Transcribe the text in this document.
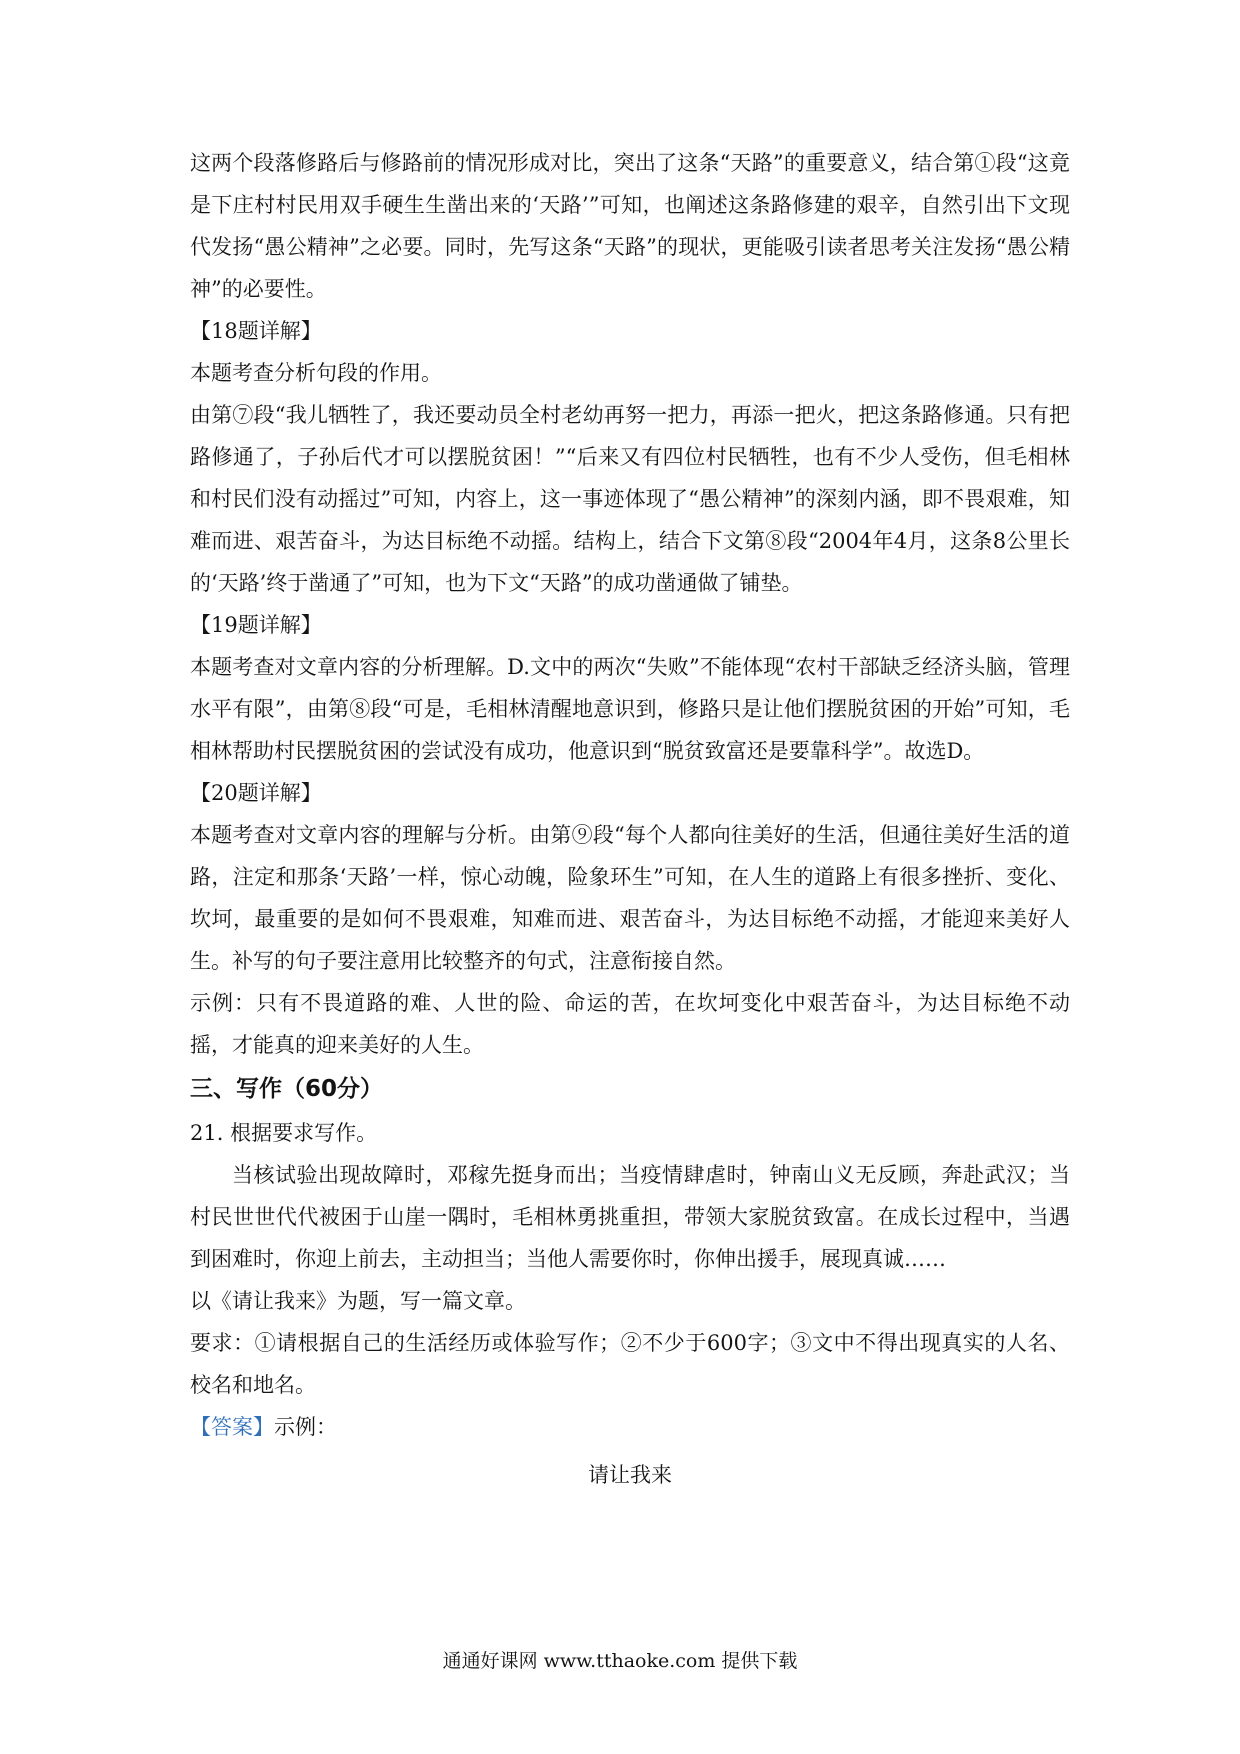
这两个段落修路后与修路前的情况形成对比，突出了这条“天路”的重要意义，结合第①段“这竟是下庄村村民用双手硬生生凿出来的‘天路’”可知，也阐述这条路修建的艰辛，自然引出下文现代发扬“愚公精神”之必要。同时，先写这条“天路”的现状，更能吸引读者思考关注发扬“愚公精神”的必要性。

【18题详解】

本题考查分析句段的作用。

由第⑦段“我儿牺牲了，我还要动员全村老幼再努一把力，再添一把火，把这条路修通。只有把路修通了，子孙后代才可以摆脱贫困！”“后来又有四位村民牺牲，也有不少人受伤，但毛相林和村民们没有动摇过”可知，内容上，这一事迹体现了“愚公精神”的深刻内涵，即不畏艰难，知难而进、艰苦奋斗，为达目标绝不动摇。结构上，结合下文第⑧段“2004年4月，这条8公里长的‘天路’终于凿通了”可知，也为下文“天路”的成功凿通做了铺垫。

【19题详解】

本题考查对文章内容的分析理解。D.文中的两次“失败”不能体现“农村干部缺乏经济头脑，管理水平有限”，由第⑧段“可是，毛相林清醒地意识到，修路只是让他们摆脱贫困的开始”可知，毛相林帮助村民摆脱贫困的尝试没有成功，他意识到“脱贫致富还是要靠科学”。故选D。

【20题详解】

本题考查对文章内容的理解与分析。由第⑨段“每个人都向往美好的生活，但通往美好生活的道路，注定和那条‘天路’一样，惊心动魄，险象环生”可知，在人生的道路上有很多挫折、变化、坎坷，最重要的是如何不畏艰难，知难而进、艰苦奋斗，为达目标绝不动摇，才能迎来美好人生。补写的句子要注意用比较整齐的句式，注意衔接自然。

示例：只有不畏道路的难、人世的险、命运的苦，在坎坷变化中艰苦奋斗，为达目标绝不动摇，才能真的迎来美好的人生。

三、写作（60分）

21. 根据要求写作。

当核试验出现故障时，邓稼先挺身而出；当疫情肆虐时，钟南山义无反顾，奔赴武汉；当村民世世代代被困于山崖一隅时，毛相林勇挑重担，带领大家脱贫致富。在成长过程中，当遇到困难时，你迎上前去，主动担当；当他人需要你时，你伸出援手，展现真诚……

以《请让我来》为题，写一篇文章。

要求：①请根据自己的生活经历或体验写作；②不少于600字；③文中不得出现真实的人名、校名和地名。

【答案】示例：

请让我来

通通好课网 www.tthaoke.com 提供下载
